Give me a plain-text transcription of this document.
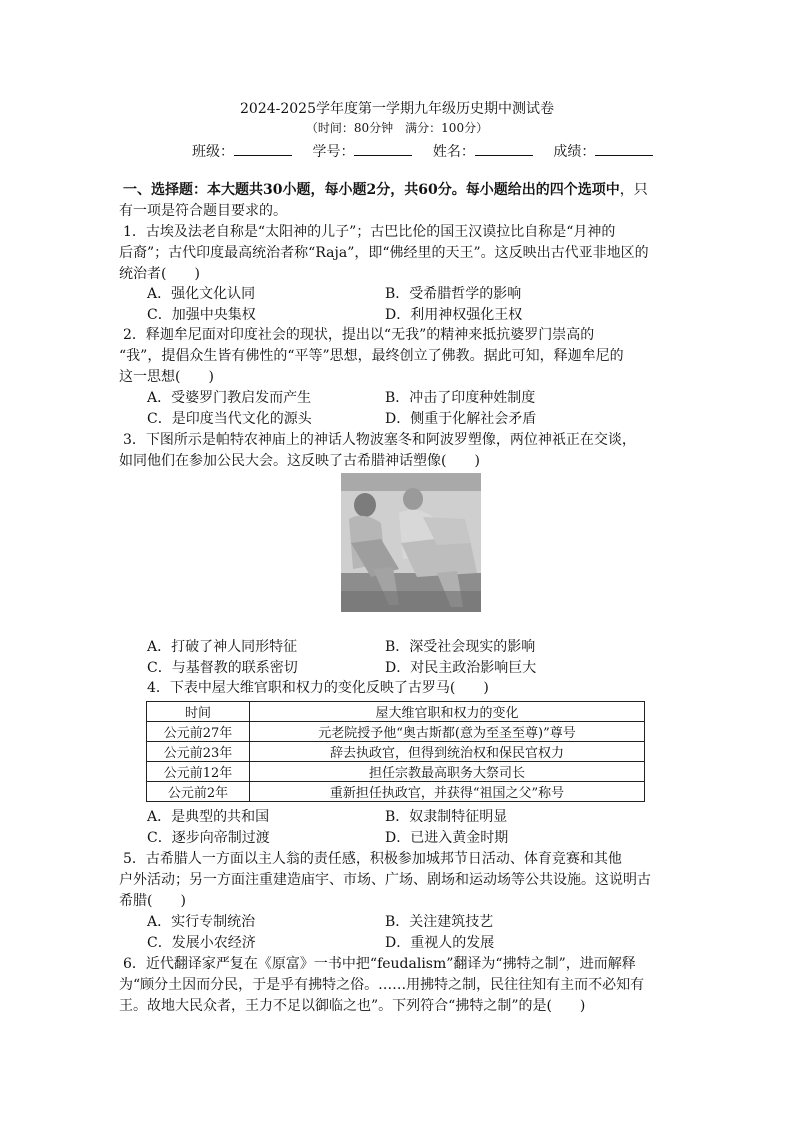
2024-2025学年度第一学期九年级历史期中测试卷
（时间：80分钟　满分：100分）
班级：	学号：	姓名：	成绩：
一、选择题：本大题共30小题，每小题2分，共60分。每小题给出的四个选项中，只
有一项是符合题目要求的。
1．古埃及法老自称是“太阳神的儿子”；古巴比伦的国王汉谟拉比自称是“月神的
后裔”；古代印度最高统治者称“Raja”，即“佛经里的天王”。这反映出古代亚非地区的
统治者(　　)
A．强化文化认同	B．受希腊哲学的影响
C．加强中央集权	D．利用神权强化王权
2．释迦牟尼面对印度社会的现状，提出以“无我”的精神来抵抗婆罗门崇高的
“我”，提倡众生皆有佛性的“平等”思想，最终创立了佛教。据此可知，释迦牟尼的
这一思想(　　)
A．受婆罗门教启发而产生	B．冲击了印度种姓制度
C．是印度当代文化的源头	D．侧重于化解社会矛盾
3．下图所示是帕特农神庙上的神话人物波塞冬和阿波罗塑像，两位神祇正在交谈，
如同他们在参加公民大会。这反映了古希腊神话塑像(　　)
A．打破了神人同形特征	B．深受社会现实的影响
C．与基督教的联系密切	D．对民主政治影响巨大
4．下表中屋大维官职和权力的变化反映了古罗马(　　)
时间	屋大维官职和权力的变化
公元前27年	元老院授予他“奥古斯都(意为至圣至尊)”尊号
公元前23年	辞去执政官，但得到统治权和保民官权力
公元前12年	担任宗教最高职务大祭司长
公元前2年	重新担任执政官，并获得“祖国之父”称号
A．是典型的共和国	B．奴隶制特征明显
C．逐步向帝制过渡	D．已进入黄金时期
5．古希腊人一方面以主人翁的责任感，积极参加城邦节日活动、体育竞赛和其他
户外活动；另一方面注重建造庙宇、市场、广场、剧场和运动场等公共设施。这说明古
希腊(　　)
A．实行专制统治	B．关注建筑技艺
C．发展小农经济	D．重视人的发展
6．近代翻译家严复在《原富》一书中把“feudalism”翻译为“拂特之制”，进而解释
为“顾分土因而分民，于是乎有拂特之俗。……用拂特之制，民往往知有主而不必知有
王。故地大民众者，王力不足以御临之也”。下列符合“拂特之制”的是(　　)
